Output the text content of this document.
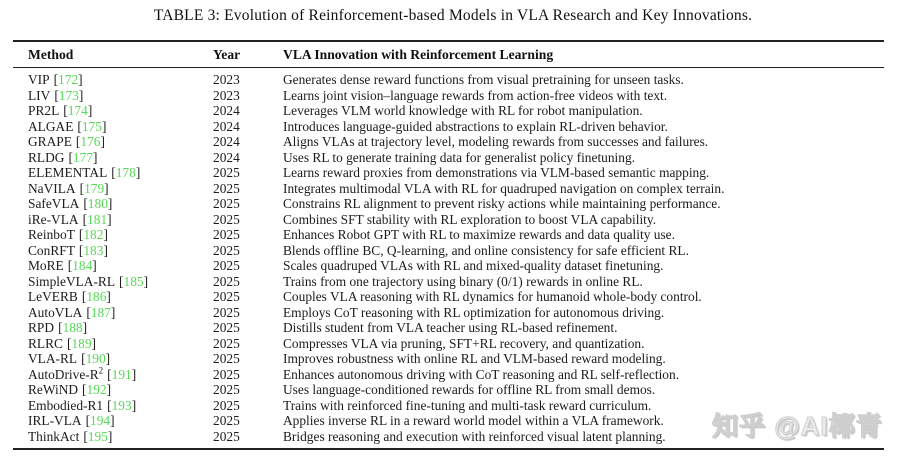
TABLE 3: Evolution of Reinforcement-based Models in VLA Research and Key Innovations.
Method	Year	VLA Innovation with Reinforcement Learning
VIP [172]	2023	Generates dense reward functions from visual pretraining for unseen tasks.
LIV [173]	2023	Learns joint vision–language rewards from action-free videos with text.
PR2L [174]	2024	Leverages VLM world knowledge with RL for robot manipulation.
ALGAE [175]	2024	Introduces language-guided abstractions to explain RL-driven behavior.
GRAPE [176]	2024	Aligns VLAs at trajectory level, modeling rewards from successes and failures.
RLDG [177]	2024	Uses RL to generate training data for generalist policy finetuning.
ELEMENTAL [178]	2025	Learns reward proxies from demonstrations via VLM-based semantic mapping.
NaVILA [179]	2025	Integrates multimodal VLA with RL for quadruped navigation on complex terrain.
SafeVLA [180]	2025	Constrains RL alignment to prevent risky actions while maintaining performance.
iRe-VLA [181]	2025	Combines SFT stability with RL exploration to boost VLA capability.
ReinboT [182]	2025	Enhances Robot GPT with RL to maximize rewards and data quality use.
ConRFT [183]	2025	Blends offline BC, Q-learning, and online consistency for safe efficient RL.
MoRE [184]	2025	Scales quadruped VLAs with RL and mixed-quality dataset finetuning.
SimpleVLA-RL [185]	2025	Trains from one trajectory using binary (0/1) rewards in online RL.
LeVERB [186]	2025	Couples VLA reasoning with RL dynamics for humanoid whole-body control.
AutoVLA [187]	2025	Employs CoT reasoning with RL optimization for autonomous driving.
RPD [188]	2025	Distills student from VLA teacher using RL-based refinement.
RLRC [189]	2025	Compresses VLA via pruning, SFT+RL recovery, and quantization.
VLA-RL [190]	2025	Improves robustness with online RL and VLM-based reward modeling.
AutoDrive-$R^2$ [191]	2025	Enhances autonomous driving with CoT reasoning and RL self-reflection.
ReWiND [192]	2025	Uses language-conditioned rewards for offline RL from small demos.
Embodied-R1 [193]	2025	Trains with reinforced fine-tuning and multi-task reward curriculum.
IRL-VLA [194]	2025	Applies inverse RL in a reward world model within a VLA framework.
ThinkAct [195]	2025	Bridges reasoning and execution with reinforced visual latent planning. 知乎 @AI椰青
